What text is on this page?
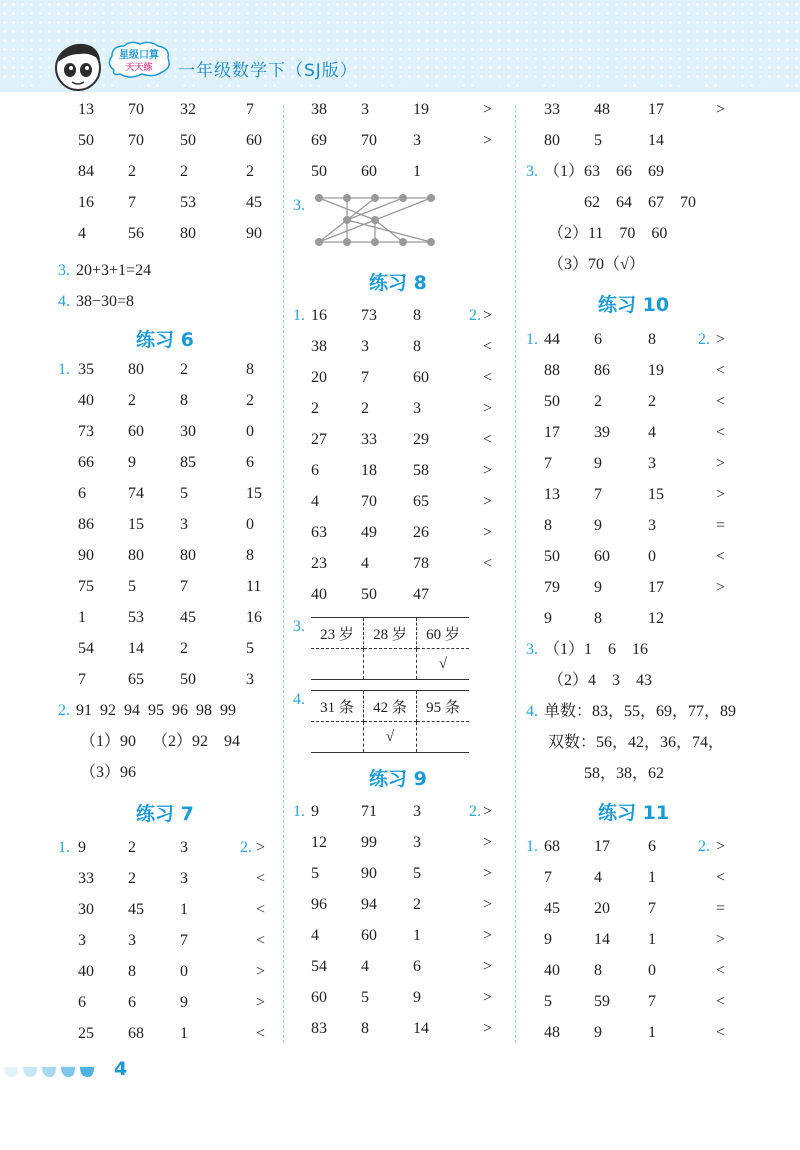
星级口算
天天练 一年级数学下（SJ版）
13 70 32	7
50 70 50	60
84 2	2	2
16 7	53	45
4	56 80	90
3. 20+3+1=24
4. 38−30=8
练习 6
1. 35 80 2	8
40 2	8	2
73 60 30	0
66 9	85	6
6	74 5	15
86 15 3	0
90 80 80	8
75 5	7	11
1	53 45	16
54 14 2	5
7	65 50	3
2. 91  92  94  95  96  98  99
（1）90    （2）92    94
（3）96
练习 7
1. 9	2	3	2. >
33 2	3	<
30 45 1	<
3	3	7	<
40 8	0	>
6	6	9	>
25 68 1	<
38 3	19	>
69 70 3	>
50 60 1
3.
练习 8
1. 16 73 8	2. >
38 3	8	<
20 7	60	<
2	2	3	>
27 33 29	<
6	18 58	>
4	70 65	>
63 49 26	>
23 4	78	<
40 50 47
3. 23 岁	28 岁	60 岁
		√
4. 31 条	42 条	95 条
	√	
练习 9
1. 9	71 3	2. >
12 99 3	>
5	90 5	>
96 94 2	>
4	60 1	>
54 4	6	>
60 5	9	>
83 8	14	>
33 48 17	>
80 5	14
3. （1）63    66    69
62    64    67    70
（2）11    70    60
（3）70（√）
练习 10
1. 44 6	8	2. >
88 86 19	<
50 2	2	<
17 39 4	<
7	9	3	>
13 7	15	>
8	9	3	=
50 60 0	<
79 9	17	>
9	8	12
3. （1）1    6    16
（2）4    3    43
4. 单数：83，55，69，77，89
双数：56，42，36，74，
58，38，62
练习 11
1. 68 17 6	2. >
7	4	1	<
45 20 7	=
9	14 1	>
40 8	0	<
5	59 7	<
48 9	1	<
4
